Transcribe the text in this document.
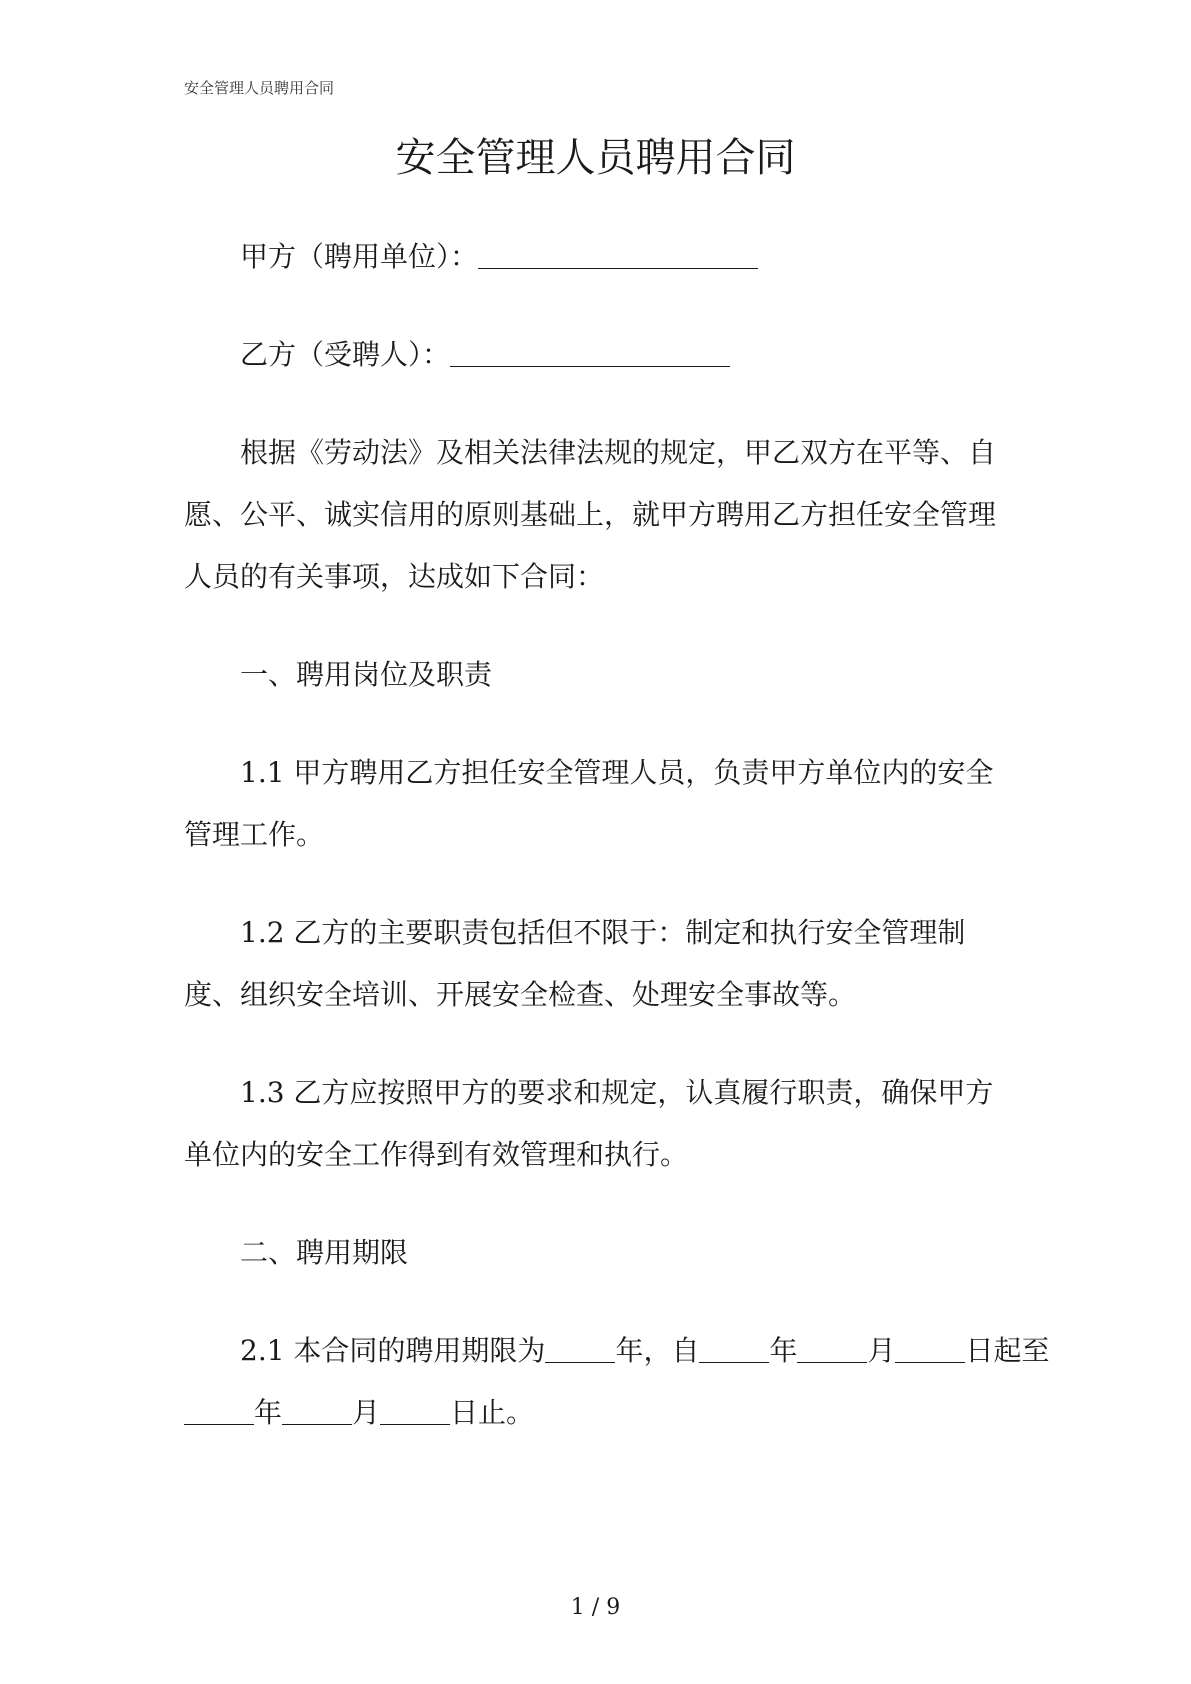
安全管理人员聘用合同
安全管理人员聘用合同
甲方（聘用单位）：
乙方（受聘人）：
根据《劳动法》及相关法律法规的规定，甲乙双方在平等、自
愿、公平、诚实信用的原则基础上，就甲方聘用乙方担任安全管理
人员的有关事项，达成如下合同：
一、聘用岗位及职责
1.1 甲方聘用乙方担任安全管理人员，负责甲方单位内的安全
管理工作。
1.2 乙方的主要职责包括但不限于：制定和执行安全管理制
度、组织安全培训、开展安全检查、处理安全事故等。
1.3 乙方应按照甲方的要求和规定，认真履行职责，确保甲方
单位内的安全工作得到有效管理和执行。
二、聘用期限
2.1 本合同的聘用期限为	年，自	年	月	日起至
年	月	日止。
1 / 9
